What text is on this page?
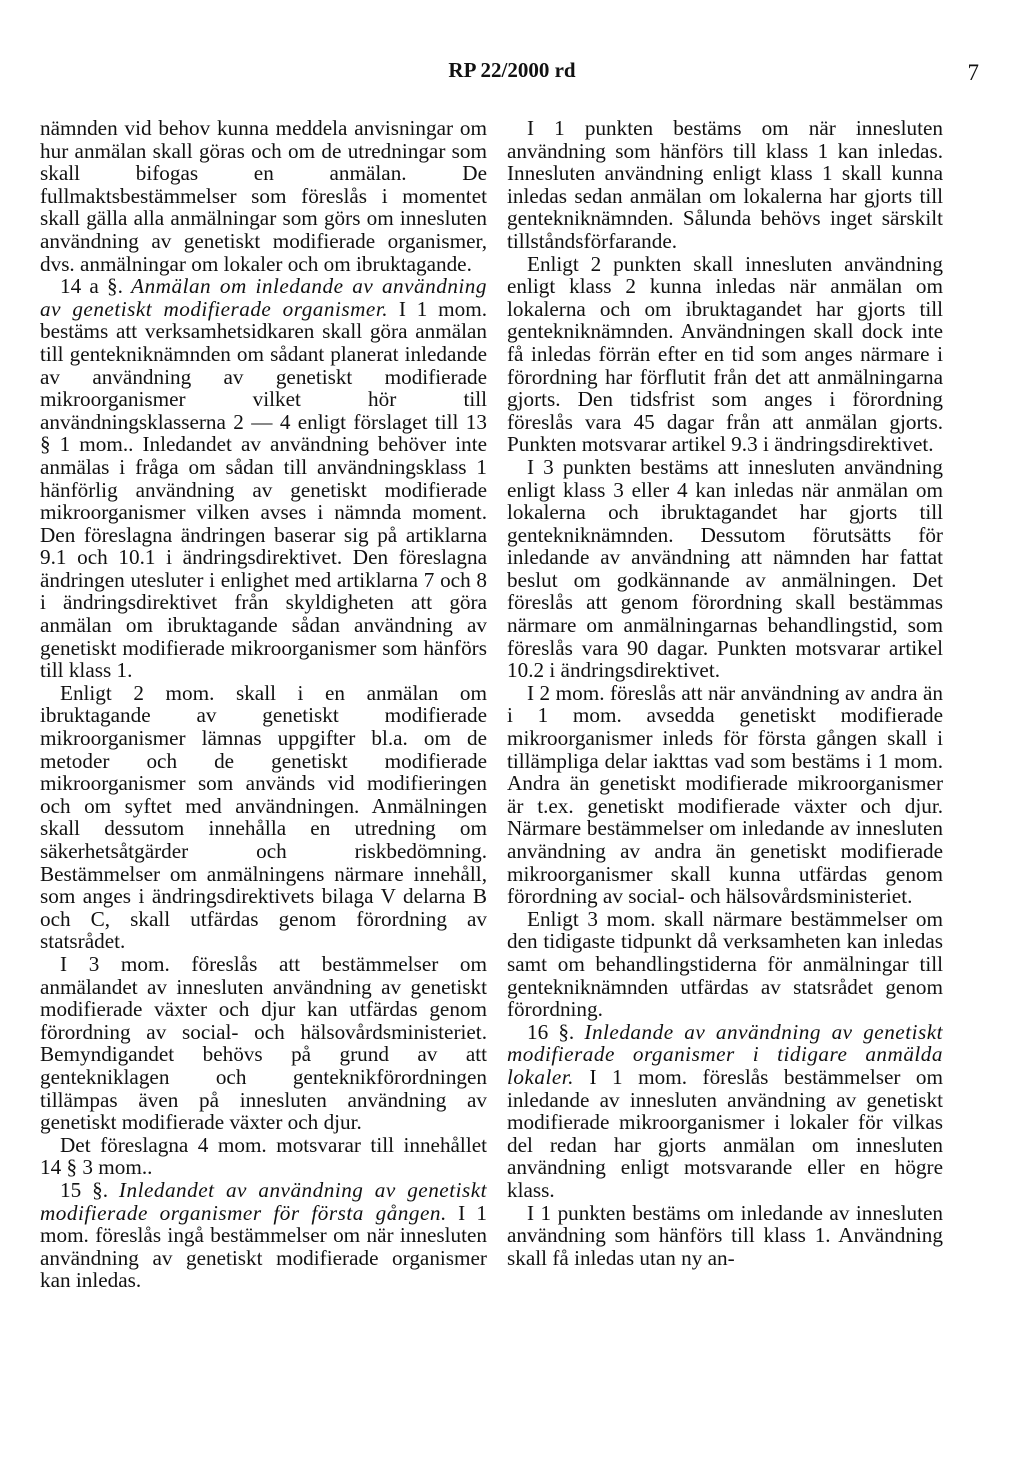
RP 22/2000 rd	7

nämnden vid behov kunna meddela anvisningar om hur anmälan skall göras och om de utredningar som skall bifogas en anmälan. De fullmaktsbestämmelser som föreslås i momentet skall gälla alla anmälningar som görs om innesluten användning av genetiskt modifierade organismer, dvs. anmälningar om lokaler och om ibruktagande.

14 a §. Anmälan om inledande av användning av genetiskt modifierade organismer. I 1 mom. bestäms att verksamhetsidkaren skall göra anmälan till gentekniknämnden om sådant planerat inledande av användning av genetiskt modifierade mikroorganismer vilket hör till användningsklasserna 2 — 4 enligt förslaget till 13 § 1 mom.. Inledandet av användning behöver inte anmälas i fråga om sådan till användningsklass 1 hänförlig användning av genetiskt modifierade mikroorganismer vilken avses i nämnda moment. Den föreslagna ändringen baserar sig på artiklarna 9.1 och 10.1 i ändringsdirektivet. Den föreslagna ändringen utesluter i enlighet med artiklarna 7 och 8 i ändringsdirektivet från skyldigheten att göra anmälan om ibruktagande sådan användning av genetiskt modifierade mikroorganismer som hänförs till klass 1.

Enligt 2 mom. skall i en anmälan om ibruktagande av genetiskt modifierade mikroorganismer lämnas uppgifter bl.a. om de metoder och de genetiskt modifierade mikroorganismer som används vid modifieringen och om syftet med användningen. Anmälningen skall dessutom innehålla en utredning om säkerhetsåtgärder och riskbedömning. Bestämmelser om anmälningens närmare innehåll, som anges i ändringsdirektivets bilaga V delarna B och C, skall utfärdas genom förordning av statsrådet.

I 3 mom. föreslås att bestämmelser om anmälandet av innesluten användning av genetiskt modifierade växter och djur kan utfärdas genom förordning av social- och hälsovårdsministeriet. Bemyndigandet behövs på grund av att gentekniklagen och genteknikförordningen tillämpas även på innesluten användning av genetiskt modifierade växter och djur.

Det föreslagna 4 mom. motsvarar till innehållet 14 § 3 mom..

15 §. Inledandet av användning av genetiskt modifierade organismer för första gången. I 1 mom. föreslås ingå bestämmelser om när innesluten användning av genetiskt modifierade organismer kan inledas.

I 1 punkten bestäms om när innesluten användning som hänförs till klass 1 kan inledas. Innesluten användning enligt klass 1 skall kunna inledas sedan anmälan om lokalerna har gjorts till gentekniknämnden. Sålunda behövs inget särskilt tillståndsförfarande.

Enligt 2 punkten skall innesluten användning enligt klass 2 kunna inledas när anmälan om lokalerna och om ibruktagandet har gjorts till gentekniknämnden. Användningen skall dock inte få inledas förrän efter en tid som anges närmare i förordning har förflutit från det att anmälningarna gjorts. Den tidsfrist som anges i förordning föreslås vara 45 dagar från att anmälan gjorts. Punkten motsvarar artikel 9.3 i ändringsdirektivet.

I 3 punkten bestäms att innesluten användning enligt klass 3 eller 4 kan inledas när anmälan om lokalerna och ibruktagandet har gjorts till gentekniknämnden. Dessutom förutsätts för inledande av användning att nämnden har fattat beslut om godkännande av anmälningen. Det föreslås att genom förordning skall bestämmas närmare om anmälningarnas behandlingstid, som föreslås vara 90 dagar. Punkten motsvarar artikel 10.2 i ändringsdirektivet.

I 2 mom. föreslås att när användning av andra än i 1 mom. avsedda genetiskt modifierade mikroorganismer inleds för första gången skall i tillämpliga delar iakttas vad som bestäms i 1 mom. Andra än genetiskt modifierade mikroorganismer är t.ex. genetiskt modifierade växter och djur. Närmare bestämmelser om inledande av innesluten användning av andra än genetiskt modifierade mikroorganismer skall kunna utfärdas genom förordning av social- och hälsovårdsministeriet.

Enligt 3 mom. skall närmare bestämmelser om den tidigaste tidpunkt då verksamheten kan inledas samt om behandlingstiderna för anmälningar till gentekniknämnden utfärdas av statsrådet genom förordning.

16 §. Inledande av användning av genetiskt modifierade organismer i tidigare anmälda lokaler. I 1 mom. föreslås bestämmelser om inledande av innesluten användning av genetiskt modifierade mikroorganismer i lokaler för vilkas del redan har gjorts anmälan om innesluten användning enligt motsvarande eller en högre klass.

I 1 punkten bestäms om inledande av innesluten användning som hänförs till klass 1. Användning skall få inledas utan ny an-
